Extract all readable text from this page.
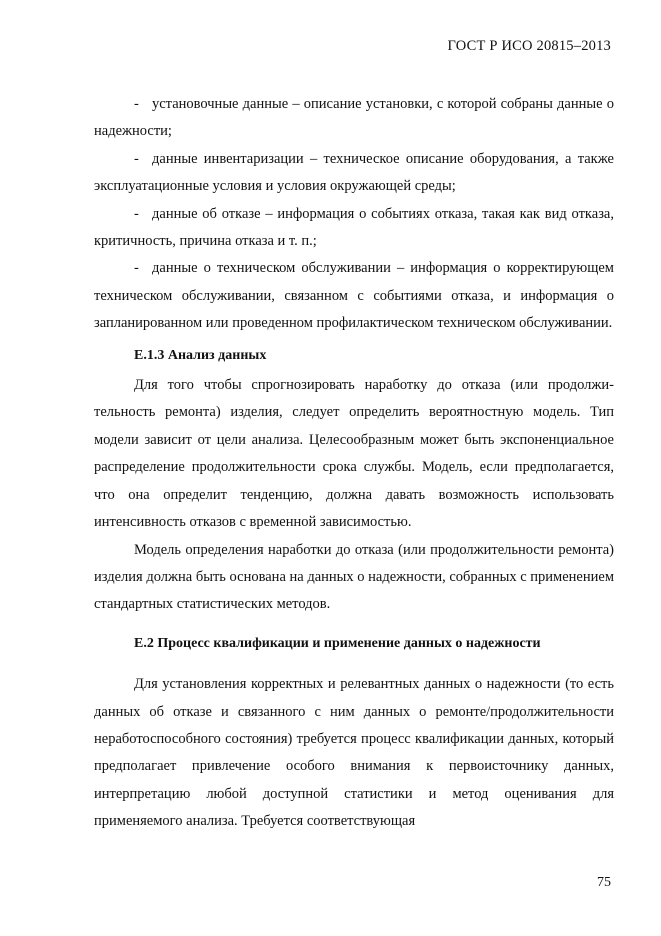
ГОСТ Р ИСО 20815–2013

- установочные данные – описание установки, с которой собраны данные о надежности;

- данные инвентаризации – техническое описание оборудования, а также эксплуатационные условия и условия окружающей среды;

- данные об отказе – информация о событиях отказа, такая как вид отказа, критичность, причина отказа и т. п.;

- данные о техническом обслуживании – информация о корректирующем техническом обслуживании, связанном с событиями отказа, и информация о запланированном или проведенном профилактическом техническом обслуживании.

Е.1.3 Анализ данных

Для того чтобы спрогнозировать наработку до отказа (или продолжительность ремонта) изделия, следует определить вероятностную модель. Тип модели зависит от цели анализа. Целесообразным может быть экспоненциальное распределение продолжительности срока службы. Модель, если предполагается, что она определит тенденцию, должна давать возможность использовать интенсивность отказов с временной зависимостью.

Модель определения наработки до отказа (или продолжительности ремонта) изделия должна быть основана на данных о надежности, собранных с применением стандартных статистических методов.

Е.2 Процесс квалификации и применение данных о надежности

Для установления корректных и релевантных данных о надежности (то есть данных об отказе и связанного с ним данных о ремонте/продолжительности неработоспособного состояния) требуется процесс квалификации данных, который предполагает привлечение особого внимания к первоисточнику данных, интерпретацию любой доступной статистики и метод оценивания для применяемого анализа. Требуется соответствующая

75
